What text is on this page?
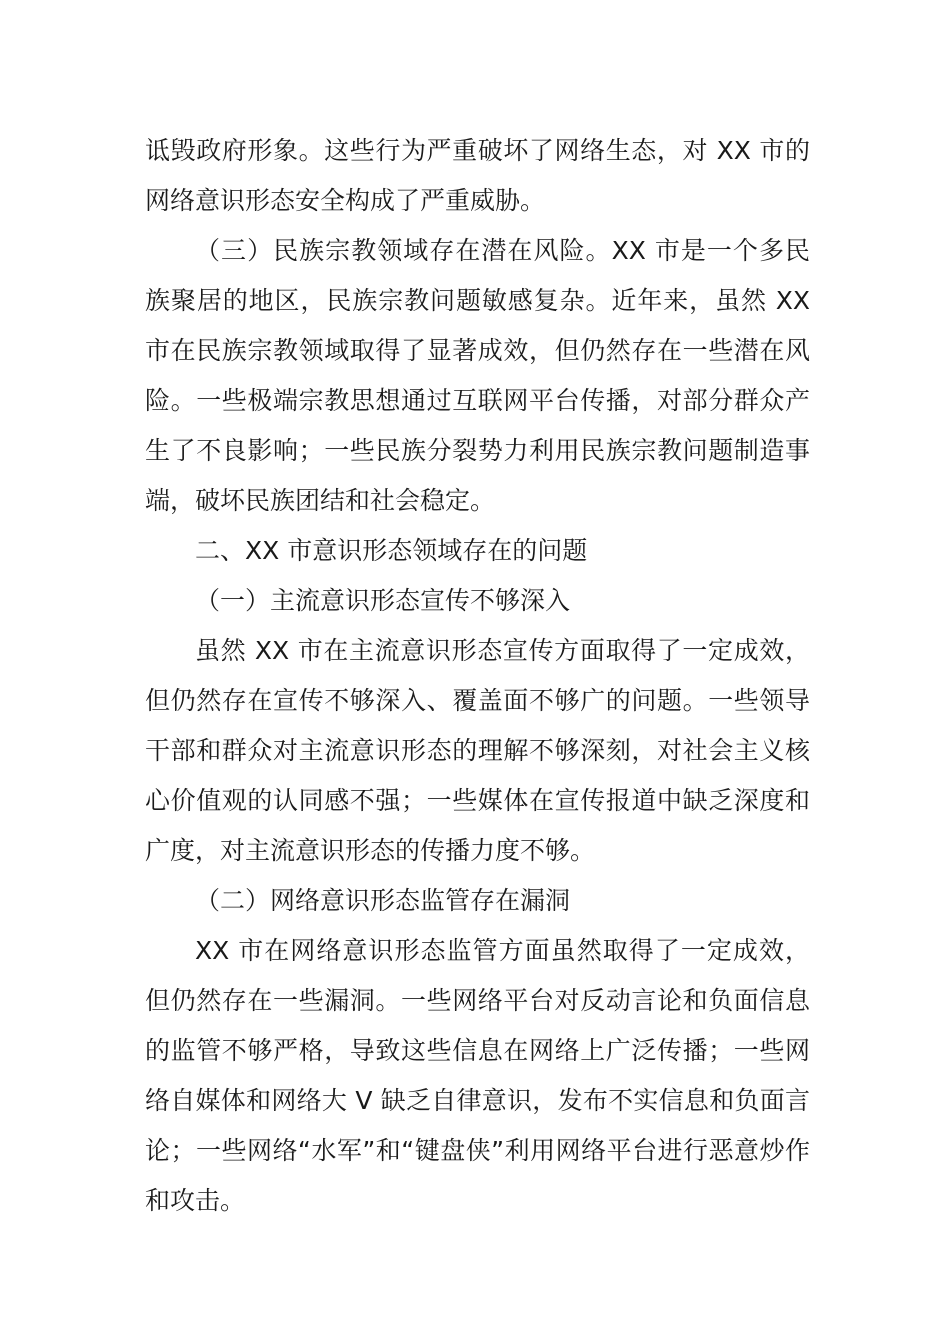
诋毁政府形象。这些行为严重破坏了网络生态，对 XX 市的网络意识形态安全构成了严重威胁。

（三）民族宗教领域存在潜在风险。XX 市是一个多民族聚居的地区，民族宗教问题敏感复杂。近年来，虽然 XX 市在民族宗教领域取得了显著成效，但仍然存在一些潜在风险。一些极端宗教思想通过互联网平台传播，对部分群众产生了不良影响；一些民族分裂势力利用民族宗教问题制造事端，破坏民族团结和社会稳定。

二、XX 市意识形态领域存在的问题

（一）主流意识形态宣传不够深入

虽然 XX 市在主流意识形态宣传方面取得了一定成效，但仍然存在宣传不够深入、覆盖面不够广的问题。一些领导干部和群众对主流意识形态的理解不够深刻，对社会主义核心价值观的认同感不强；一些媒体在宣传报道中缺乏深度和广度，对主流意识形态的传播力度不够。

（二）网络意识形态监管存在漏洞

XX 市在网络意识形态监管方面虽然取得了一定成效，但仍然存在一些漏洞。一些网络平台对反动言论和负面信息的监管不够严格，导致这些信息在网络上广泛传播；一些网络自媒体和网络大 V 缺乏自律意识，发布不实信息和负面言论；一些网络“水军”和“键盘侠”利用网络平台进行恶意炒作和攻击。
